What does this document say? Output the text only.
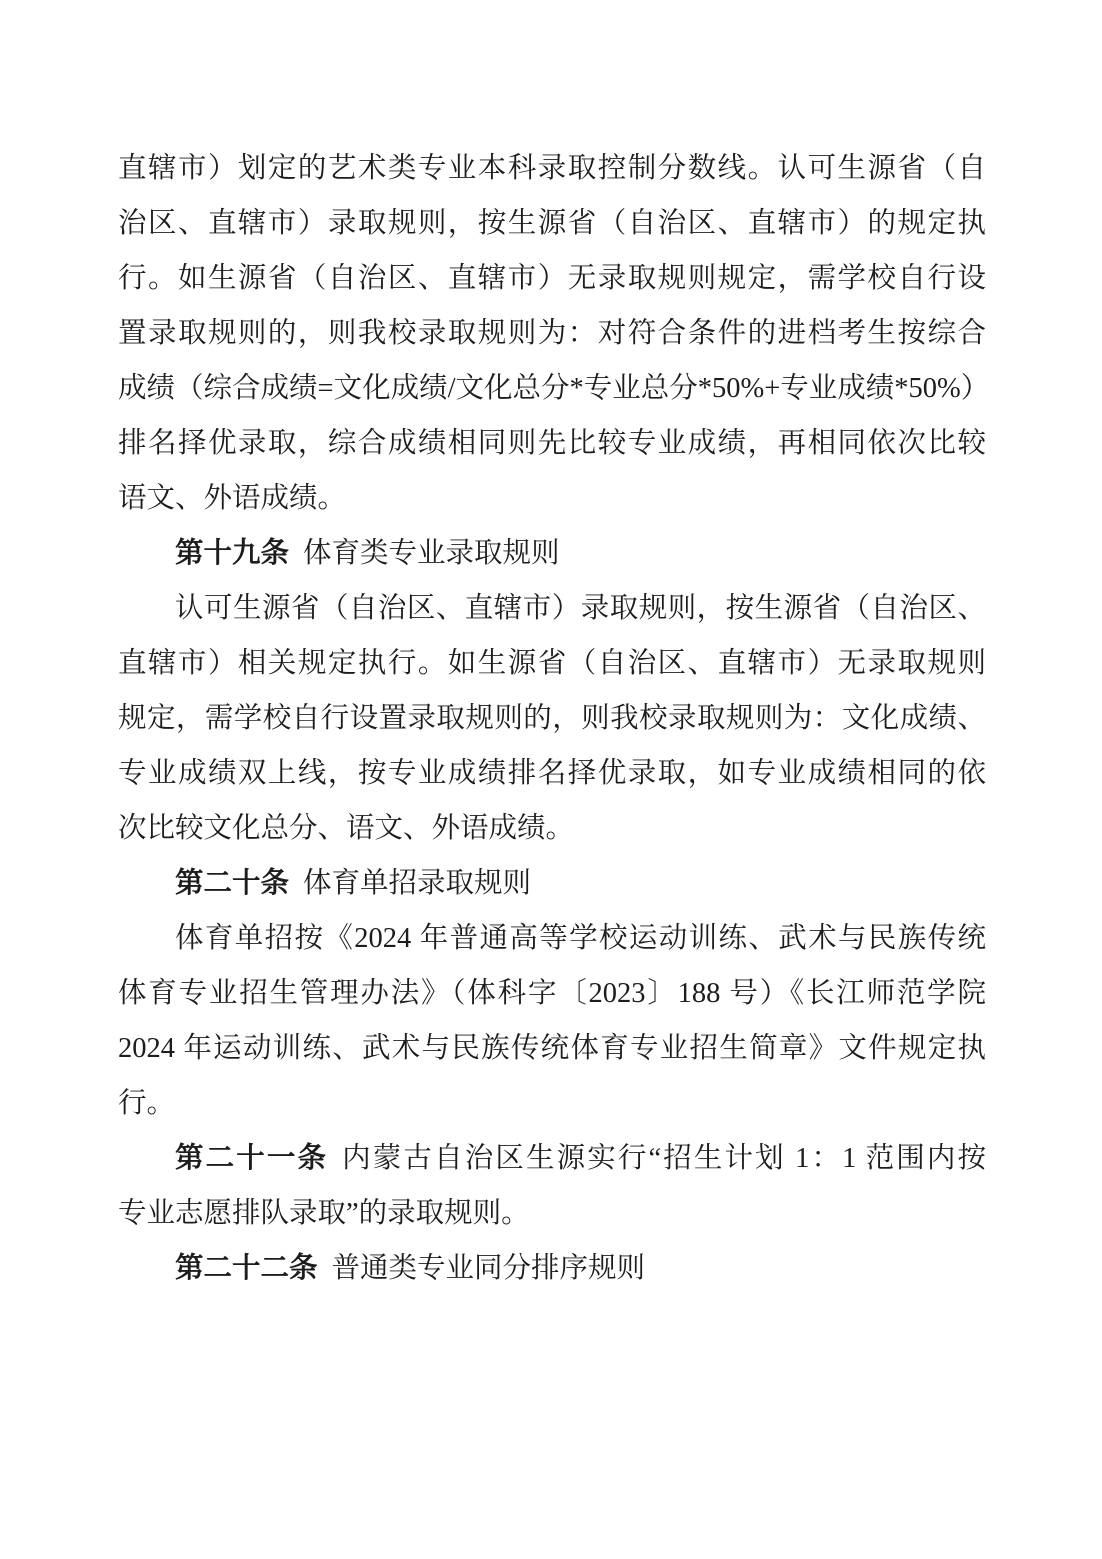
直辖市）划定的艺术类专业本科录取控制分数线。认可生源省（自
治区、直辖市）录取规则，按生源省（自治区、直辖市）的规定执
行。如生源省（自治区、直辖市）无录取规则规定，需学校自行设
置录取规则的，则我校录取规则为：对符合条件的进档考生按综合
成绩（综合成绩=文化成绩/文化总分*专业总分*50%+专业成绩*50%）
排名择优录取，综合成绩相同则先比较专业成绩，再相同依次比较
语文、外语成绩。
第十九条 体育类专业录取规则
认可生源省（自治区、直辖市）录取规则，按生源省（自治区、
直辖市）相关规定执行。如生源省（自治区、直辖市）无录取规则
规定，需学校自行设置录取规则的，则我校录取规则为：文化成绩、
专业成绩双上线，按专业成绩排名择优录取，如专业成绩相同的依
次比较文化总分、语文、外语成绩。
第二十条 体育单招录取规则
体育单招按《2024 年普通高等学校运动训练、武术与民族传统
体育专业招生管理办法》（体科字〔2023〕188 号）《长江师范学院
2024 年运动训练、武术与民族传统体育专业招生简章》文件规定执
行。
第二十一条 内蒙古自治区生源实行“招生计划 1：1 范围内按
专业志愿排队录取”的录取规则。
第二十二条 普通类专业同分排序规则
